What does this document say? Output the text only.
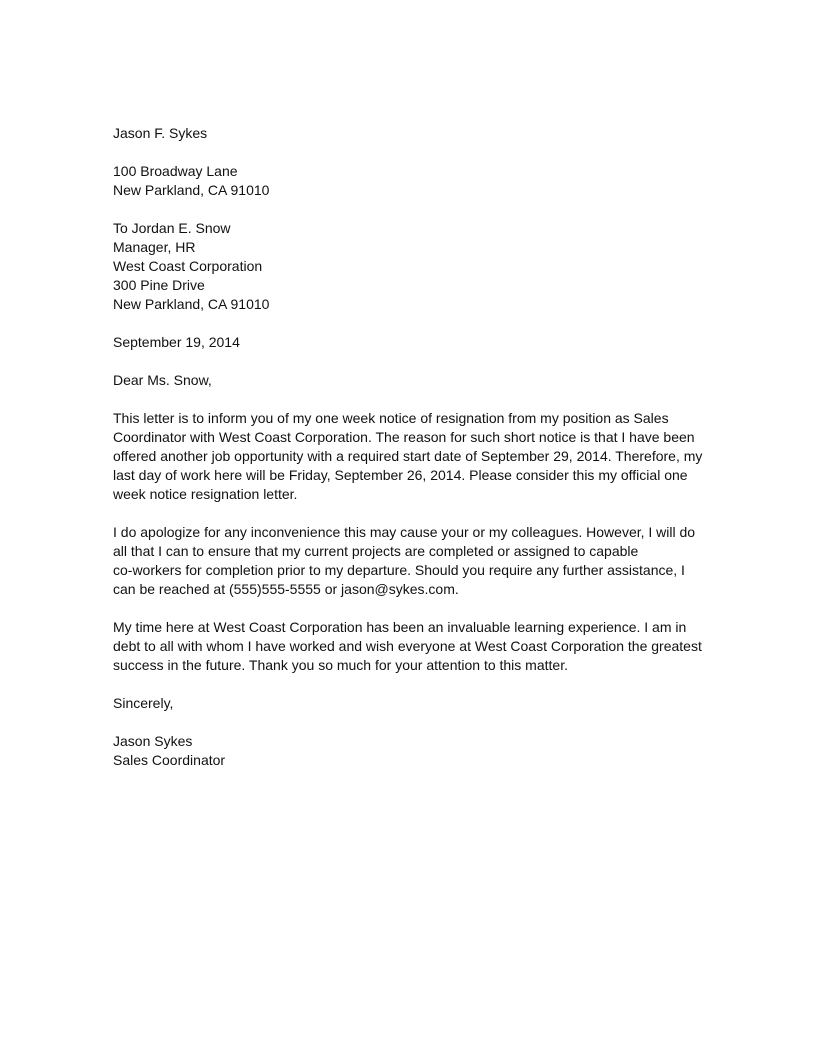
Jason F. Sykes
100 Broadway Lane
New Parkland, CA 91010
To Jordan E. Snow
Manager, HR
West Coast Corporation
300 Pine Drive
New Parkland, CA 91010
September 19, 2014
Dear Ms. Snow,
This letter is to inform you of my one week notice of resignation from my position as Sales
Coordinator with West Coast Corporation. The reason for such short notice is that I have been
offered another job opportunity with a required start date of September 29, 2014. Therefore, my
last day of work here will be Friday, September 26, 2014. Please consider this my official one
week notice resignation letter.
I do apologize for any inconvenience this may cause your or my colleagues. However, I will do
all that I can to ensure that my current projects are completed or assigned to capable
co-workers for completion prior to my departure. Should you require any further assistance, I
can be reached at (555)555-5555 or jason@sykes.com.
My time here at West Coast Corporation has been an invaluable learning experience. I am in
debt to all with whom I have worked and wish everyone at West Coast Corporation the greatest
success in the future. Thank you so much for your attention to this matter.
Sincerely,
Jason Sykes
Sales Coordinator
